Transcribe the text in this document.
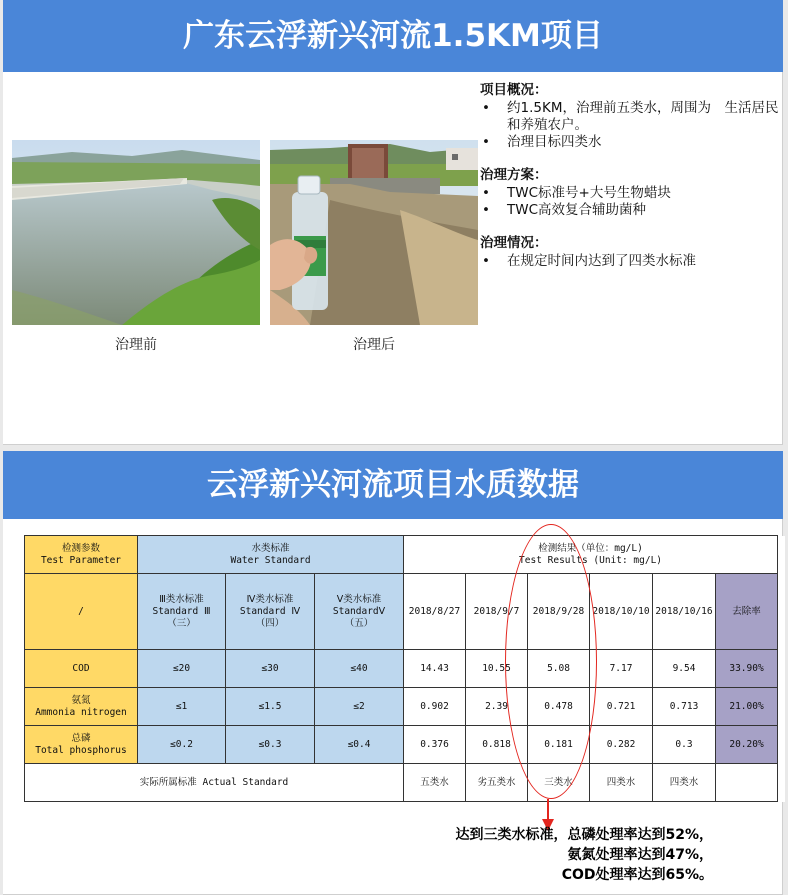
广东云浮新兴河流1.5KM项目
治理前	治理后
项目概况：
• 约1.5KM，治理前五类水，周围为　生活居民和养殖农户。
• 治理目标四类水
治理方案：
• TWC标准号+大号生物蜡块
• TWC高效复合辅助菌种
治理情况：
• 在规定时间内达到了四类水标准
云浮新兴河流项目水质数据
检测参数
Test Parameter	水类标准
Water Standard			检测结果（单位：mg/L)
Test Results (Unit: mg/L)						
/	Ⅲ类水标准
Standard Ⅲ
（三）	Ⅳ类水标准
Standard Ⅳ
（四）	Ⅴ类水标准
StandardⅤ
（五）	2018/8/27	2018/9/7	2018/9/28	2018/10/10	2018/10/16	去除率	
COD	≤20	≤30	≤40	14.43	10.55	5.08	7.17	9.54	33.90%	
氨氮
Ammonia nitrogen	≤1	≤1.5	≤2	0.902	2.39	0.478	0.721	0.713	21.00%	
总磷
Total phosphorus	≤0.2	≤0.3	≤0.4	0.376	0.818	0.181	0.282	0.3	20.20%	
实际所属标准 Actual Standard				五类水	劣五类水	三类水	四类水	四类水		
达到三类水标准，总磷处理率达到52%，
氨氮处理率达到47%，
COD处理率达到65%。
